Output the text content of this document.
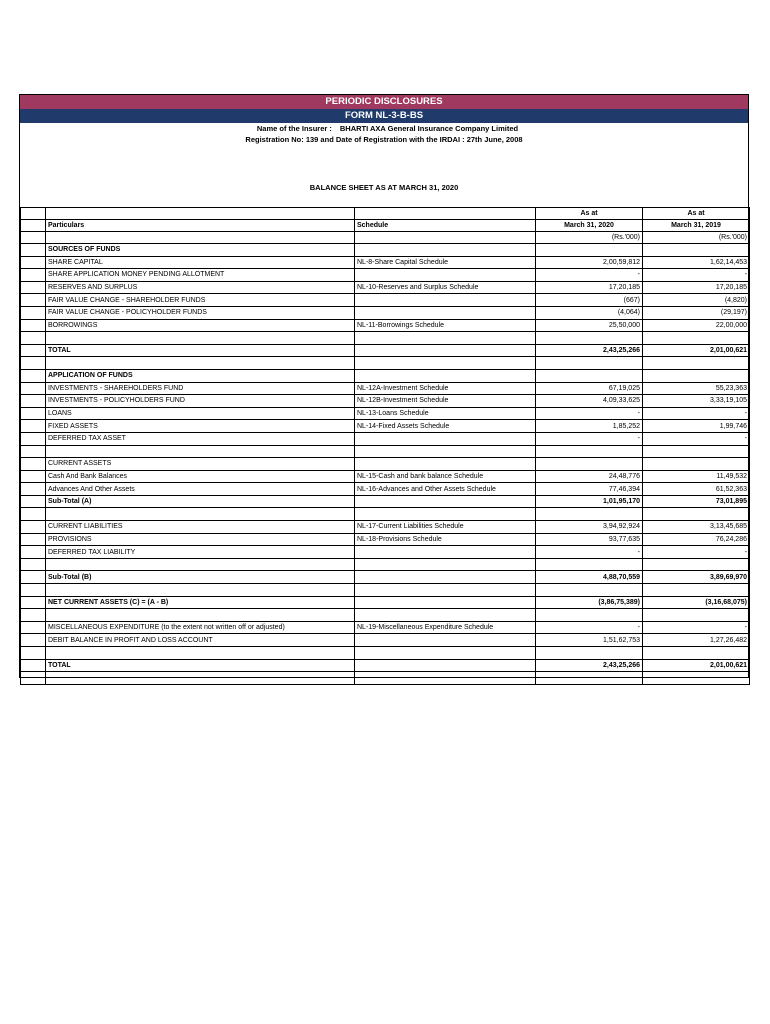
PERIODIC DISCLOSURES
FORM NL-3-B-BS
Name of the Insurer : BHARTI AXA General Insurance Company Limited
Registration No: 139 and Date of Registration with the IRDAI : 27th June, 2008
BALANCE SHEET AS AT MARCH 31, 2020
			As at	As at
	Particulars	Schedule	March 31, 2020	March 31, 2019
			(Rs.'000)	(Rs.'000)
	SOURCES OF FUNDS			
	SHARE CAPITAL	NL-8-Share Capital Schedule	2,00,59,812	1,62,14,453
	SHARE APPLICATION MONEY PENDING ALLOTMENT		-	-
	RESERVES AND SURPLUS	NL-10-Reserves and Surplus Schedule	17,20,185	17,20,185
	FAIR VALUE CHANGE - SHAREHOLDER FUNDS		(667)	(4,820)
	FAIR VALUE CHANGE - POLICYHOLDER FUNDS		(4,064)	(29,197)
	BORROWINGS	NL-11-Borrowings Schedule	25,50,000	22,00,000

	TOTAL		2,43,25,266	2,01,00,621

	APPLICATION OF FUNDS			
	INVESTMENTS - SHAREHOLDERS FUND	NL-12A-Investment Schedule	67,19,025	55,23,363
	INVESTMENTS - POLICYHOLDERS FUND	NL-12B-Investment Schedule	4,09,33,625	3,33,19,105
	LOANS	NL-13-Loans Schedule	-	-
	FIXED ASSETS	NL-14-Fixed Assets Schedule	1,85,252	1,99,746
	DEFERRED TAX ASSET		-	-

	CURRENT ASSETS			
	Cash And Bank Balances	NL-15-Cash and bank balance Schedule	24,48,776	11,49,532
	Advances And Other Assets	NL-16-Advances and Other Assets Schedule	77,46,394	61,52,363
	Sub-Total (A)		1,01,95,170	73,01,895

	CURRENT LIABILITIES	NL-17-Current Liabilities Schedule	3,94,92,924	3,13,45,685
	PROVISIONS	NL-18-Provisions Schedule	93,77,635	76,24,286
	DEFERRED TAX LIABILITY		-	-

	Sub-Total (B)		4,88,70,559	3,89,69,970

	NET CURRENT ASSETS (C) = (A - B)		(3,86,75,389)	(3,16,68,075)

	MISCELLANEOUS EXPENDITURE (to the extent not written off or adjusted)	NL-19-Miscellaneous Expenditure Schedule	-	-
	DEBIT BALANCE IN PROFIT AND LOSS ACCOUNT		1,51,62,753	1,27,26,482

	TOTAL		2,43,25,266	2,01,00,621
